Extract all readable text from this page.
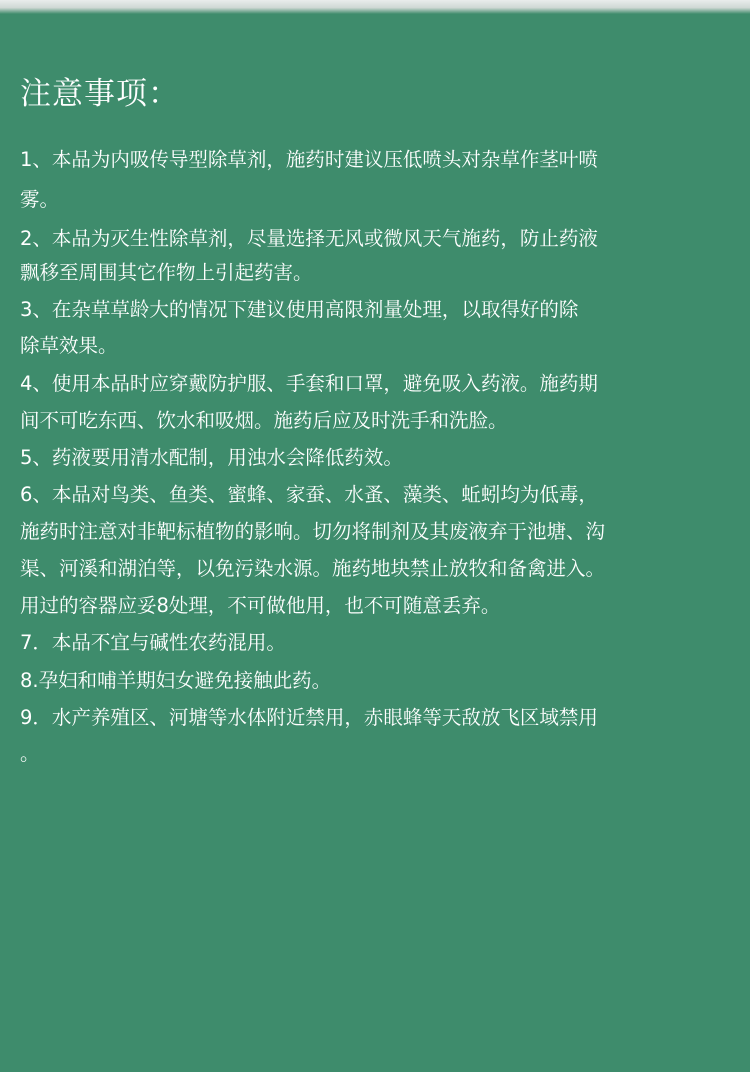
注意事项：
1、本品为内吸传导型除草剂，施药时建议压低喷头对杂草作茎叶喷
雾。
2、本品为灭生性除草剂，尽量选择无风或微风天气施药，防止药液
飘移至周围其它作物上引起药害。
3、在杂草草龄大的情况下建议使用高限剂量处理，以取得好的除
除草效果。
4、使用本品时应穿戴防护服、手套和口罩，避免吸入药液。施药期
间不可吃东西、饮水和吸烟。施药后应及时洗手和洗脸。
5、药液要用清水配制，用浊水会降低药效。
6、本品对鸟类、鱼类、蜜蜂、家蚕、水蚤、藻类、蚯蚓均为低毒，
施药时注意对非靶标植物的影响。切勿将制剂及其废液弃于池塘、沟
渠、河溪和湖泊等，以免污染水源。施药地块禁止放牧和备禽进入。
用过的容器应妥8处理，不可做他用，也不可随意丢弃。
7．本品不宜与碱性农药混用。
8.孕妇和哺羊期妇女避免接触此药。
9．水产养殖区、河塘等水体附近禁用，赤眼蜂等天敌放飞区域禁用
。
